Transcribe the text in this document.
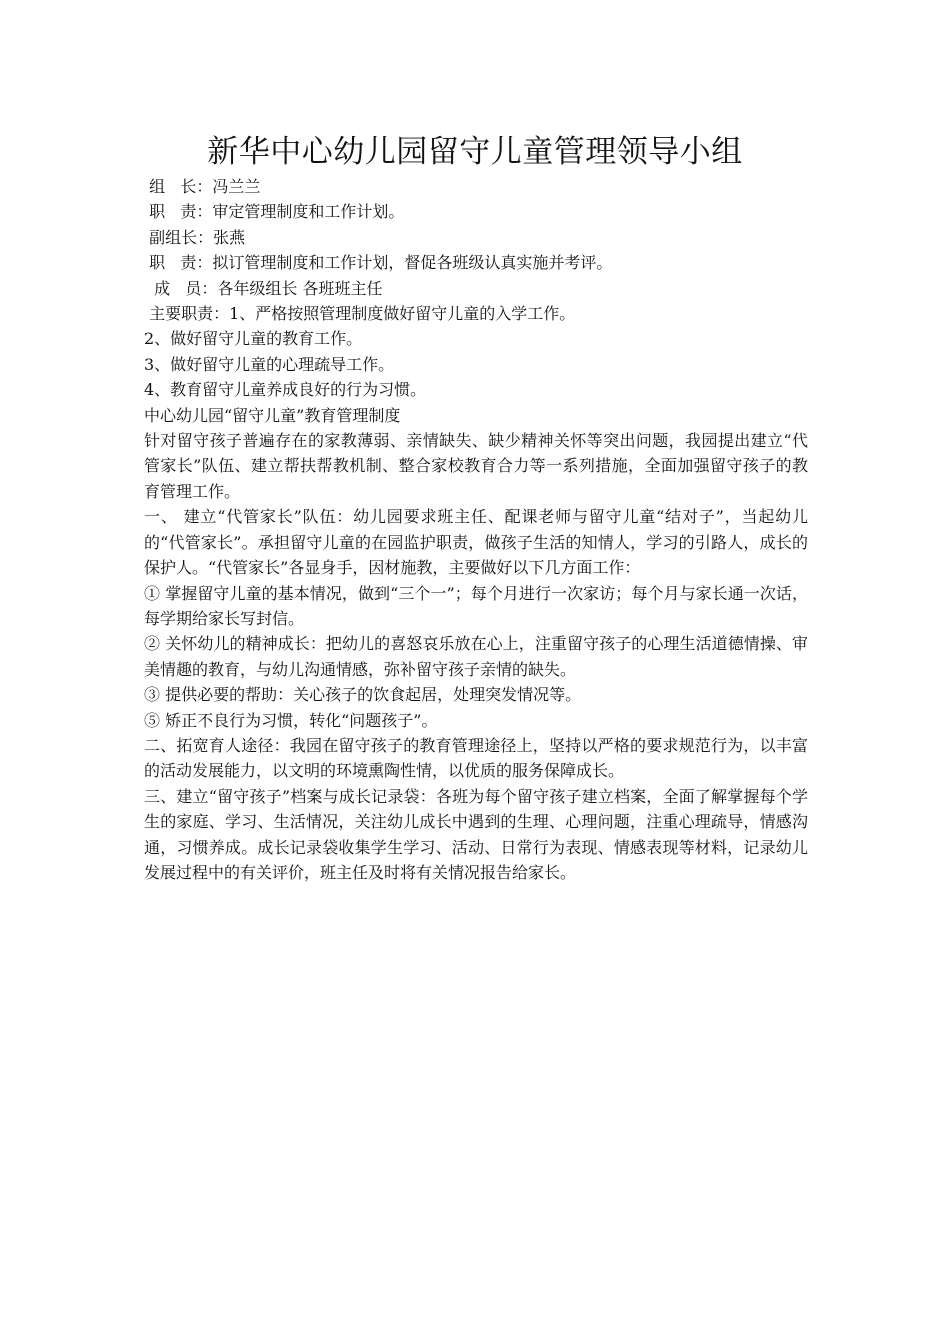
新华中心幼儿园留守儿童管理领导小组
组   长：冯兰兰
职   责：审定管理制度和工作计划。
副组长：张燕
职   责：拟订管理制度和工作计划，督促各班级认真实施并考评。
成   员：各年级组长 各班班主任
主要职责：1、严格按照管理制度做好留守儿童的入学工作。
2、做好留守儿童的教育工作。
3、做好留守儿童的心理疏导工作。
4、教育留守儿童养成良好的行为习惯。
中心幼儿园“留守儿童”教育管理制度
针对留守孩子普遍存在的家教薄弱、亲情缺失、缺少精神关怀等突出问题，我园提出建立“代管家长”队伍、建立帮扶帮教机制、整合家校教育合力等一系列措施，全面加强留守孩子的教育管理工作。
一、 建立“代管家长”队伍：幼儿园要求班主任、配课老师与留守儿童“结对子”，当起幼儿的“代管家长”。承担留守儿童的在园监护职责，做孩子生活的知情人，学习的引路人，成长的保护人。“代管家长”各显身手，因材施教，主要做好以下几方面工作：
① 掌握留守儿童的基本情况，做到“三个一”；每个月进行一次家访；每个月与家长通一次话，每学期给家长写封信。
② 关怀幼儿的精神成长：把幼儿的喜怒哀乐放在心上，注重留守孩子的心理生活道德情操、审美情趣的教育，与幼儿沟通情感，弥补留守孩子亲情的缺失。
③ 提供必要的帮助：关心孩子的饮食起居，处理突发情况等。
⑤ 矫正不良行为习惯，转化“问题孩子”。
二、拓宽育人途径：我园在留守孩子的教育管理途径上，坚持以严格的要求规范行为，以丰富的活动发展能力，以文明的环境熏陶性情，以优质的服务保障成长。
三、建立“留守孩子”档案与成长记录袋：各班为每个留守孩子建立档案，全面了解掌握每个学生的家庭、学习、生活情况，关注幼儿成长中遇到的生理、心理问题，注重心理疏导，情感沟通，习惯养成。成长记录袋收集学生学习、活动、日常行为表现、情感表现等材料，记录幼儿发展过程中的有关评价，班主任及时将有关情况报告给家长。
